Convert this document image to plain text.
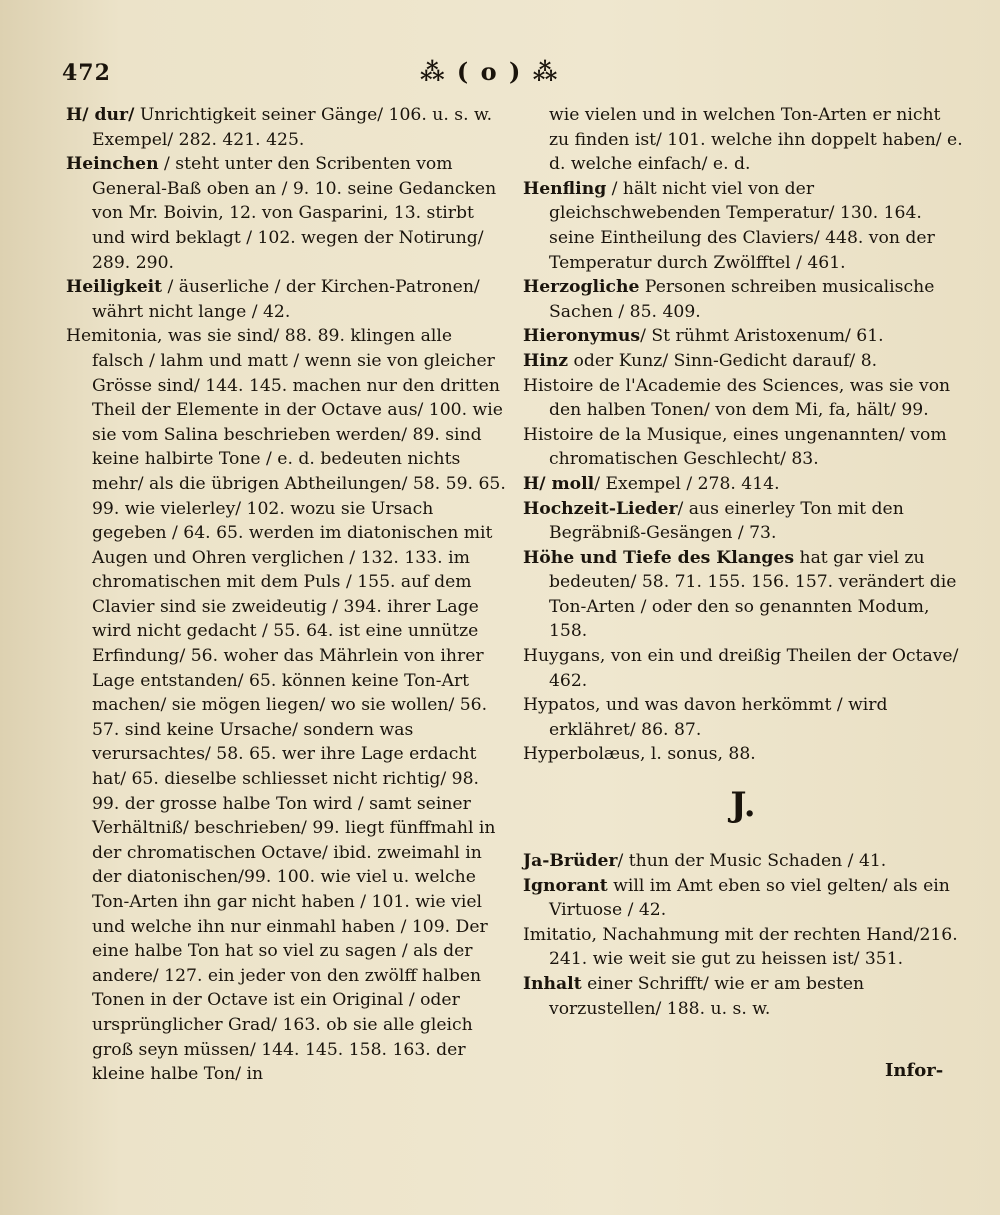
472	⁂ ( o ) ⁂
H/ dur/ Unrichtigkeit seiner Gänge/ 106. u. s. w. Exempel/ 282. 421. 425.
Heinchen / steht unter den Scribenten vom General-Baß oben an / 9. 10. seine Gedancken von Mr. Boivin, 12. von Gasparini, 13. stirbt und wird beklagt / 102. wegen der Notirung/ 289. 290.
Heiligkeit / äuserliche / der Kirchen-Patronen/ währt nicht lange / 42.
Hemitonia, was sie sind/ 88. 89. klingen alle falsch / lahm und matt / wenn sie von gleicher Grösse sind/ 144. 145. machen nur den dritten Theil der Elemente in der Octave aus/ 100. wie sie vom Salina beschrieben werden/ 89. sind keine halbirte Tone / e. d. bedeuten nichts mehr/ als die übrigen Abtheilungen/ 58. 59. 65. 99. wie vielerley/ 102. wozu sie Ursach gegeben / 64. 65. werden im diatonischen mit Augen und Ohren verglichen / 132. 133. im chromatischen mit dem Puls / 155. auf dem Clavier sind sie zweideutig / 394. ihrer Lage wird nicht gedacht / 55. 64. ist eine unnütze Erfindung/ 56. woher das Mährlein von ihrer Lage entstanden/ 65. können keine Ton-Art machen/ sie mögen liegen/ wo sie wollen/ 56. 57. sind keine Ursache/ sondern was verursachtes/ 58. 65. wer ihre Lage erdacht hat/ 65. dieselbe schliesset nicht richtig/ 98. 99. der grosse halbe Ton wird / samt seiner Verhältniß/ beschrieben/ 99. liegt fünffmahl in der chromatischen Octave/ ibid. zweimahl in der diatonischen/99. 100. wie viel u. welche Ton-Arten ihn gar nicht haben / 101. wie viel und welche ihn nur einmahl haben / 109. Der eine halbe Ton hat so viel zu sagen / als der andere/ 127. ein jeder von den zwölff halben Tonen in der Octave ist ein Original / oder ursprünglicher Grad/ 163. ob sie alle gleich groß seyn müssen/ 144. 145. 158. 163. der kleine halbe Ton/ in
wie vielen und in welchen Ton-Arten er nicht zu finden ist/ 101. welche ihn doppelt haben/ e. d. welche einfach/ e. d.
Henfling / hält nicht viel von der gleichschwebenden Temperatur/ 130. 164. seine Eintheilung des Claviers/ 448. von der Temperatur durch Zwölfftel / 461.
Herzogliche Personen schreiben musicalische Sachen / 85. 409.
Hieronymus/ St rühmt Aristoxenum/ 61.
Hinz oder Kunz/ Sinn-Gedicht darauf/ 8.
Histoire de l'Academie des Sciences, was sie von den halben Tonen/ von dem Mi, fa, hält/ 99.
Histoire de la Musique, eines ungenannten/ vom chromatischen Geschlecht/ 83.
H/ moll/ Exempel / 278. 414.
Hochzeit-Lieder/ aus einerley Ton mit den Begräbniß-Gesängen / 73.
Höhe und Tiefe des Klanges hat gar viel zu bedeuten/ 58. 71. 155. 156. 157. verändert die Ton-Arten / oder den so genannten Modum, 158.
Huygans, von ein und dreißig Theilen der Octave/ 462.
Hypatos, und was davon herkömmt / wird erklähret/ 86. 87.
Hyperbolæus, l. sonus, 88.
J.
Ja-Brüder/ thun der Music Schaden / 41.
Ignorant will im Amt eben so viel gelten/ als ein Virtuose / 42.
Imitatio, Nachahmung mit der rechten Hand/216. 241. wie weit sie gut zu heissen ist/ 351.
Inhalt einer Schrifft/ wie er am besten vorzustellen/ 188. u. s. w.
Infor-
